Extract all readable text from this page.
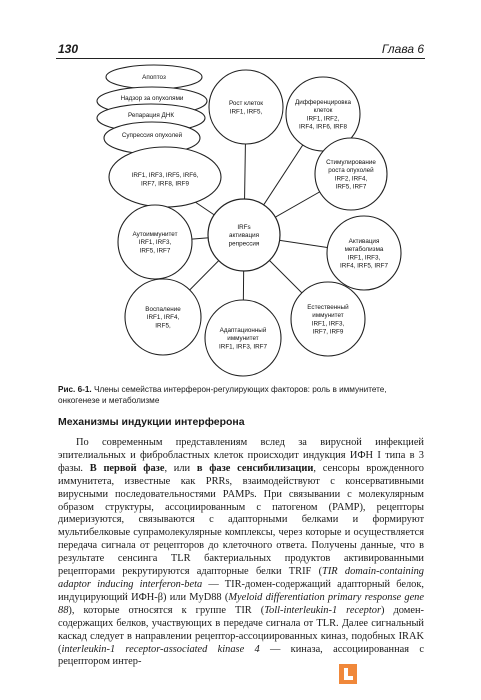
130	Глава 6
Апоптоз
Надзор за опухолями
Репарация ДНК
Супрессия опухолей
IRF1, IRF3, IRF5, IRF6, IRF7, IRF8, IRF9
Рост клеток IRF1, IRF5,
Дифференцировка клеток IRF1, IRF2, IRF4, IRF6, IRF8
Стимулирование роста опухолей IRF2, IRF4, IRF5, IRF7
Активация метаболизма IRF1, IRF3, IRF4, IRF5, IRF7
Естественный иммунитет IRF1, IRF3, IRF7, IRF9
Адаптационный иммунитет IRF1, IRF3, IRF7
Воспаление IRF1, IRF4, IRF5,
Аутоиммунитет IRF1, IRF3, IRF5, IRF7
IRFs активация репрессия
Рис. 6-1. Члены семейства интерферон-регулирующих факторов: роль в иммунитете, онкогенезе и метаболизме
Механизмы индукции интерферона

По современным представлениям вслед за вирусной инфекцией эпителиальных и фибробластных клеток происходит индукция ИФН I типа в 3 фазы. В первой фазе, или в фазе сенсибилизации, сенсоры врожденного иммунитета, известные как PRRs, взаимодействуют с консервативными вирусными последовательностями PAMPs. При связывании с молекулярным образом структуры, ассоциированным с патогеном (PAMP), рецепторы димеризуются, связываются с адапторными белками и формируют мультибелковые супрамолекулярные комплексы, через которые и осуществляется передача сигнала от рецепторов до клеточного ответа. Получены данные, что в результате сенсинга TLR бактериальных продуктов активированными рецепторами рекрутируются адапторные белки TRIF (TIR domain-containing adaptor inducing interferon-beta — TIR-домен-содержащий адапторный белок, индуцирующий ИФН-β) или MyD88 (Myeloid differentiation primary response gene 88), которые относятся к группе TIR (Toll-interleukin-1 receptor) домен-содержащих белков, участвующих в передаче сигнала от TLR. Далее сигнальный каскад следует в направлении рецептор-ассоциированных киназ, подобных IRAK (interleukin-1 receptor-associated kinase 4 — киназа, ассоциированная с рецептором интер-
